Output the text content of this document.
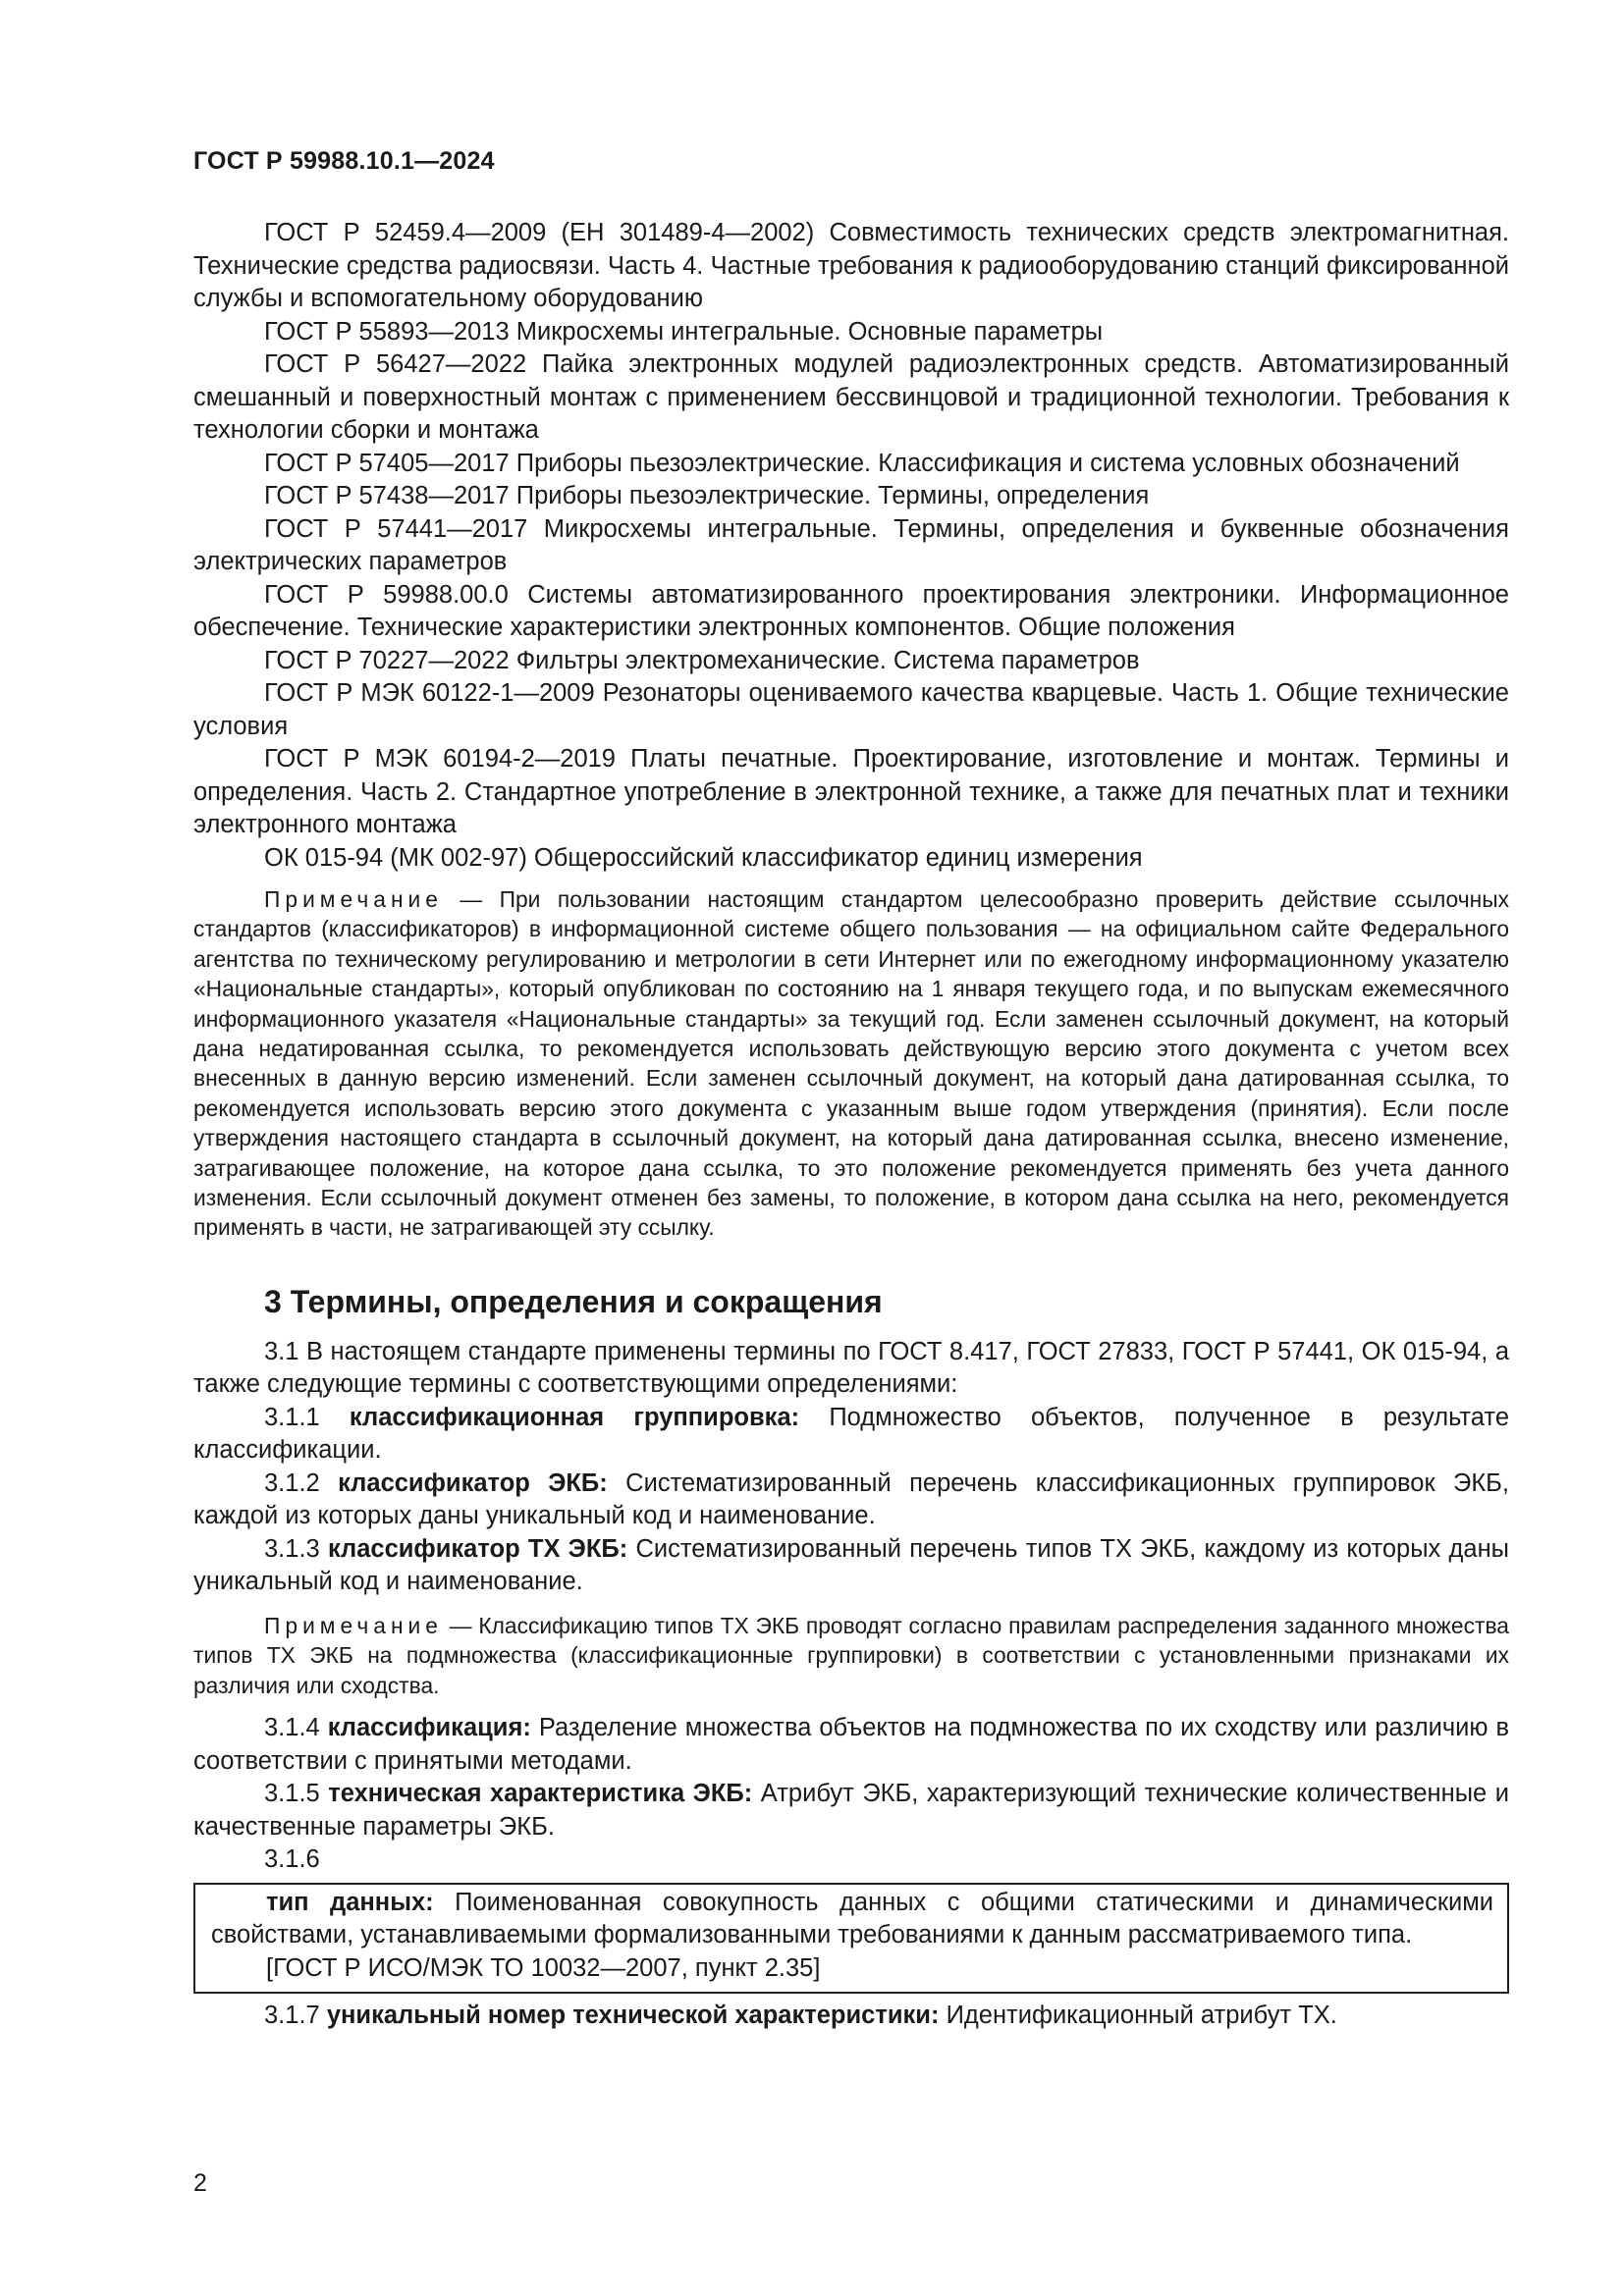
ГОСТ Р 59988.10.1—2024

ГОСТ Р 52459.4—2009 (ЕН 301489-4—2002) Совместимость технических средств электромагнитная. Технические средства радиосвязи. Часть 4. Частные требования к радиооборудованию станций фиксированной службы и вспомогательному оборудованию

ГОСТ Р 55893—2013 Микросхемы интегральные. Основные параметры

ГОСТ Р 56427—2022 Пайка электронных модулей радиоэлектронных средств. Автоматизированный смешанный и поверхностный монтаж с применением бессвинцовой и традиционной технологии. Требования к технологии сборки и монтажа

ГОСТ Р 57405—2017 Приборы пьезоэлектрические. Классификация и система условных обозначений

ГОСТ Р 57438—2017 Приборы пьезоэлектрические. Термины, определения

ГОСТ Р 57441—2017 Микросхемы интегральные. Термины, определения и буквенные обозначения электрических параметров

ГОСТ Р 59988.00.0 Системы автоматизированного проектирования электроники. Информационное обеспечение. Технические характеристики электронных компонентов. Общие положения

ГОСТ Р 70227—2022 Фильтры электромеханические. Система параметров

ГОСТ Р МЭК 60122-1—2009 Резонаторы оцениваемого качества кварцевые. Часть 1. Общие технические условия

ГОСТ Р МЭК 60194-2—2019 Платы печатные. Проектирование, изготовление и монтаж. Термины и определения. Часть 2. Стандартное употребление в электронной технике, а также для печатных плат и техники электронного монтажа

ОК 015-94 (МК 002-97) Общероссийский классификатор единиц измерения

Примечание — При пользовании настоящим стандартом целесообразно проверить действие ссылочных стандартов (классификаторов) в информационной системе общего пользования — на официальном сайте Федерального агентства по техническому регулированию и метрологии в сети Интернет или по ежегодному информационному указателю «Национальные стандарты», который опубликован по состоянию на 1 января текущего года, и по выпускам ежемесячного информационного указателя «Национальные стандарты» за текущий год. Если заменен ссылочный документ, на который дана недатированная ссылка, то рекомендуется использовать действующую версию этого документа с учетом всех внесенных в данную версию изменений. Если заменен ссылочный документ, на который дана датированная ссылка, то рекомендуется использовать версию этого документа с указанным выше годом утверждения (принятия). Если после утверждения настоящего стандарта в ссылочный документ, на который дана датированная ссылка, внесено изменение, затрагивающее положение, на которое дана ссылка, то это положение рекомендуется применять без учета данного изменения. Если ссылочный документ отменен без замены, то положение, в котором дана ссылка на него, рекомендуется применять в части, не затрагивающей эту ссылку.

3 Термины, определения и сокращения

3.1 В настоящем стандарте применены термины по ГОСТ 8.417, ГОСТ 27833, ГОСТ Р 57441, ОК 015-94, а также следующие термины с соответствующими определениями:

3.1.1 классификационная группировка: Подмножество объектов, полученное в результате классификации.

3.1.2 классификатор ЭКБ: Систематизированный перечень классификационных группировок ЭКБ, каждой из которых даны уникальный код и наименование.

3.1.3 классификатор ТХ ЭКБ: Систематизированный перечень типов ТХ ЭКБ, каждому из которых даны уникальный код и наименование.

Примечание — Классификацию типов ТХ ЭКБ проводят согласно правилам распределения заданного множества типов ТХ ЭКБ на подмножества (классификационные группировки) в соответствии с установленными признаками их различия или сходства.

3.1.4 классификация: Разделение множества объектов на подмножества по их сходству или различию в соответствии с принятыми методами.

3.1.5 техническая характеристика ЭКБ: Атрибут ЭКБ, характеризующий технические количественные и качественные параметры ЭКБ.

3.1.6

тип данных: Поименованная совокупность данных с общими статическими и динамическими свойствами, устанавливаемыми формализованными требованиями к данным рассматриваемого типа.

[ГОСТ Р ИСО/МЭК ТО 10032—2007, пункт 2.35]

3.1.7 уникальный номер технической характеристики: Идентификационный атрибут ТХ.

2
